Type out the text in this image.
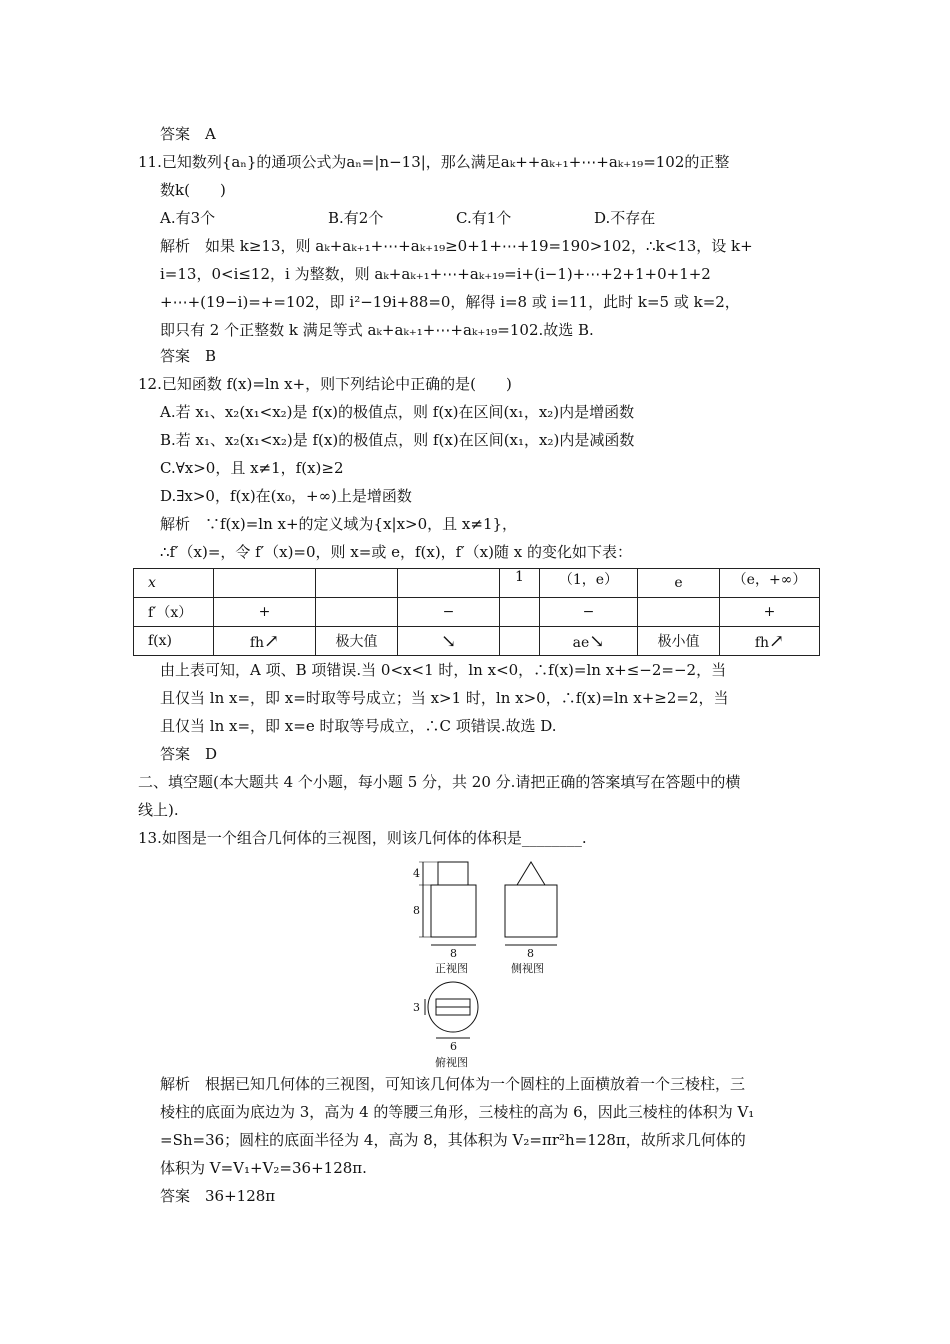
答案　A
11.已知数列{aₙ}的通项公式为aₙ=|n−13|，那么满足aₖ++aₖ₊₁+⋯+aₖ₊₁₉=102的正整
数k(　　)
A.有3个	B.有2个	C.有1个	D.不存在
解析　如果 k≥13，则 aₖ+aₖ₊₁+⋯+aₖ₊₁₉≥0+1+⋯+19=190>102，∴k<13，设 k+
i=13，0<i≤12，i 为整数，则 aₖ+aₖ₊₁+⋯+aₖ₊₁₉=i+(i−1)+⋯+2+1+0+1+2
+⋯+(19−i)=+=102，即 i²−19i+88=0，解得 i=8 或 i=11，此时 k=5 或 k=2，
即只有 2 个正整数 k 满足等式 aₖ+aₖ₊₁+⋯+aₖ₊₁₉=102.故选 B.
答案　B
12.已知函数 f(x)=ln x+，则下列结论中正确的是(　　)
A.若 x₁、x₂(x₁<x₂)是 f(x)的极值点，则 f(x)在区间(x₁，x₂)内是增函数
B.若 x₁、x₂(x₁<x₂)是 f(x)的极值点，则 f(x)在区间(x₁，x₂)内是减函数
C.∀x>0，且 x≠1，f(x)≥2
D.∃x>0，f(x)在(x₀，+∞)上是增函数
解析　∵f(x)=ln x+的定义域为{x|x>0，且 x≠1}，
∴f′（x)=，令 f′（x)=0，则 x=或 e，f(x)，f′（x)随 x 的变化如下表：
x				1	（1，e）	e	（e，+∞）
f′（x）	+		−		−		+
f(x)	fh↗	极大值	↘		ae↘	极小值	fh↗
由上表可知，A 项、B 项错误.当 0<x<1 时，ln x<0，∴f(x)=ln x+≤−2=−2，当
且仅当 ln x=，即 x=时取等号成立；当 x>1 时，ln x>0，∴f(x)=ln x+≥2=2，当
且仅当 ln x=，即 x=e 时取等号成立，∴C 项错误.故选 D.
答案　D
二、填空题(本大题共 4 个小题，每小题 5 分，共 20 分.请把正确的答案填写在答题中的横
线上).
13.如图是一个组合几何体的三视图，则该几何体的体积是________.
4
8
8
正视图
8
侧视图
3
6
俯视图
解析　根据已知几何体的三视图，可知该几何体为一个圆柱的上面横放着一个三棱柱，三
棱柱的底面为底边为 3，高为 4 的等腰三角形，三棱柱的高为 6，因此三棱柱的体积为 V₁
=Sh=36；圆柱的底面半径为 4，高为 8，其体积为 V₂=πr²h=128π，故所求几何体的
体积为 V=V₁+V₂=36+128π.
答案　36+128π
